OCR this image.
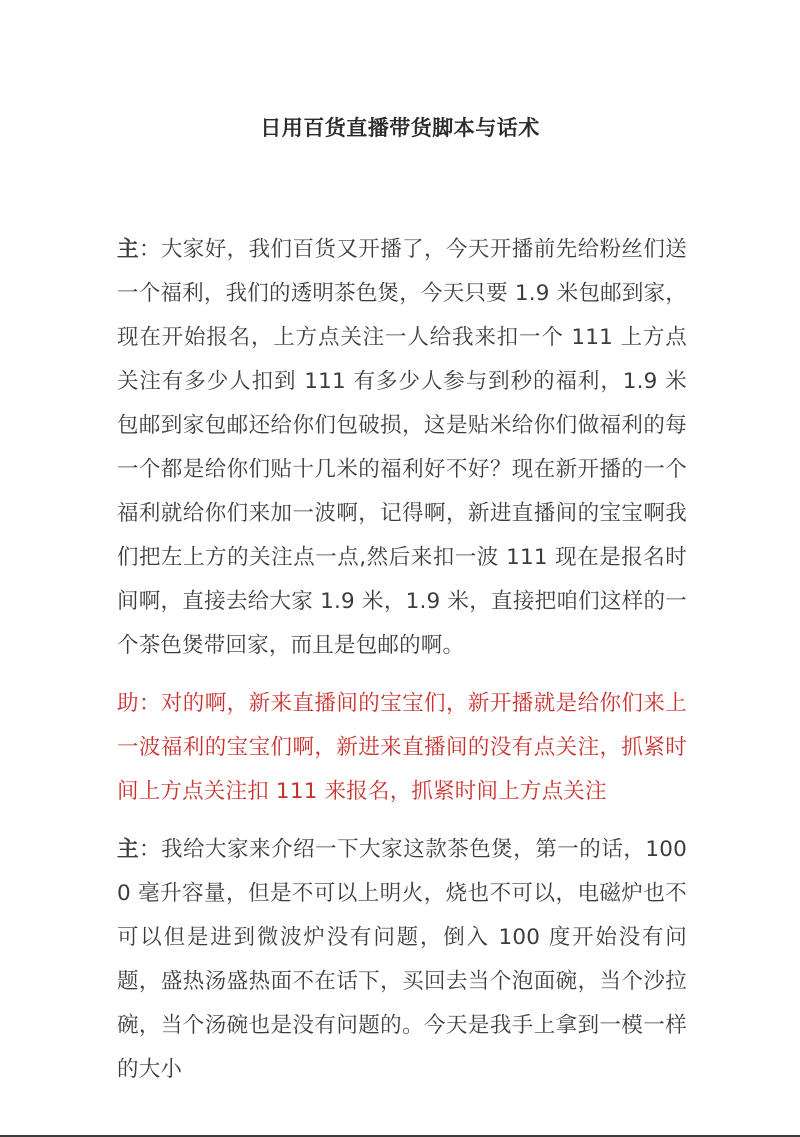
日用百货直播带货脚本与话术

主：大家好，我们百货又开播了，今天开播前先给粉丝们送一个福利，我们的透明茶色煲，今天只要 1.9 米包邮到家，现在开始报名，上方点关注一人给我来扣一个 111 上方点关注有多少人扣到 111 有多少人参与到秒的福利，1.9 米包邮到家包邮还给你们包破损，这是贴米给你们做福利的每一个都是给你们贴十几米的福利好不好？现在新开播的一个福利就给你们来加一波啊，记得啊，新进直播间的宝宝啊我们把左上方的关注点一点,然后来扣一波 111 现在是报名时间啊，直接去给大家 1.9 米，1.9 米，直接把咱们这样的一个茶色煲带回家，而且是包邮的啊。

助：对的啊，新来直播间的宝宝们，新开播就是给你们来上一波福利的宝宝们啊，新进来直播间的没有点关注，抓紧时间上方点关注扣 111 来报名，抓紧时间上方点关注

主：我给大家来介绍一下大家这款茶色煲，第一的话，1000 毫升容量，但是不可以上明火，烧也不可以，电磁炉也不可以但是进到微波炉没有问题，倒入 100 度开始没有问题，盛热汤盛热面不在话下，买回去当个泡面碗，当个沙拉碗，当个汤碗也是没有问题的。今天是我手上拿到一模一样的大小
